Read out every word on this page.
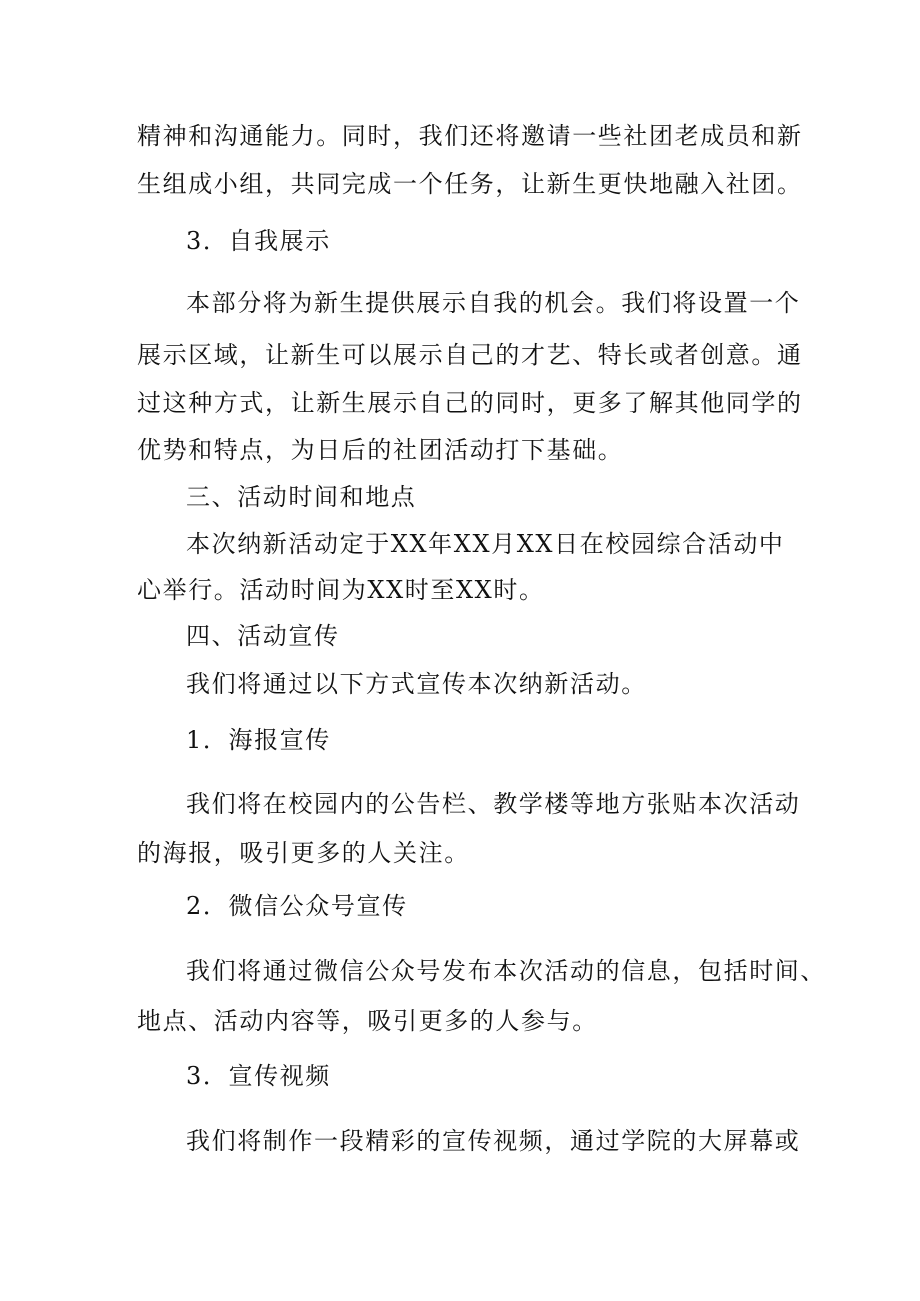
精神和沟通能力。同时，我们还将邀请一些社团老成员和新
生组成小组，共同完成一个任务，让新生更快地融入社团。
3．自我展示
本部分将为新生提供展示自我的机会。我们将设置一个
展示区域，让新生可以展示自己的才艺、特长或者创意。通
过这种方式，让新生展示自己的同时，更多了解其他同学的
优势和特点，为日后的社团活动打下基础。
三、活动时间和地点
本次纳新活动定于XX年XX月XX日在校园综合活动中
心举行。活动时间为XX时至XX时。
四、活动宣传
我们将通过以下方式宣传本次纳新活动。
1．海报宣传
我们将在校园内的公告栏、教学楼等地方张贴本次活动
的海报，吸引更多的人关注。
2．微信公众号宣传
我们将通过微信公众号发布本次活动的信息，包括时间、
地点、活动内容等，吸引更多的人参与。
3．宣传视频
我们将制作一段精彩的宣传视频，通过学院的大屏幕或
